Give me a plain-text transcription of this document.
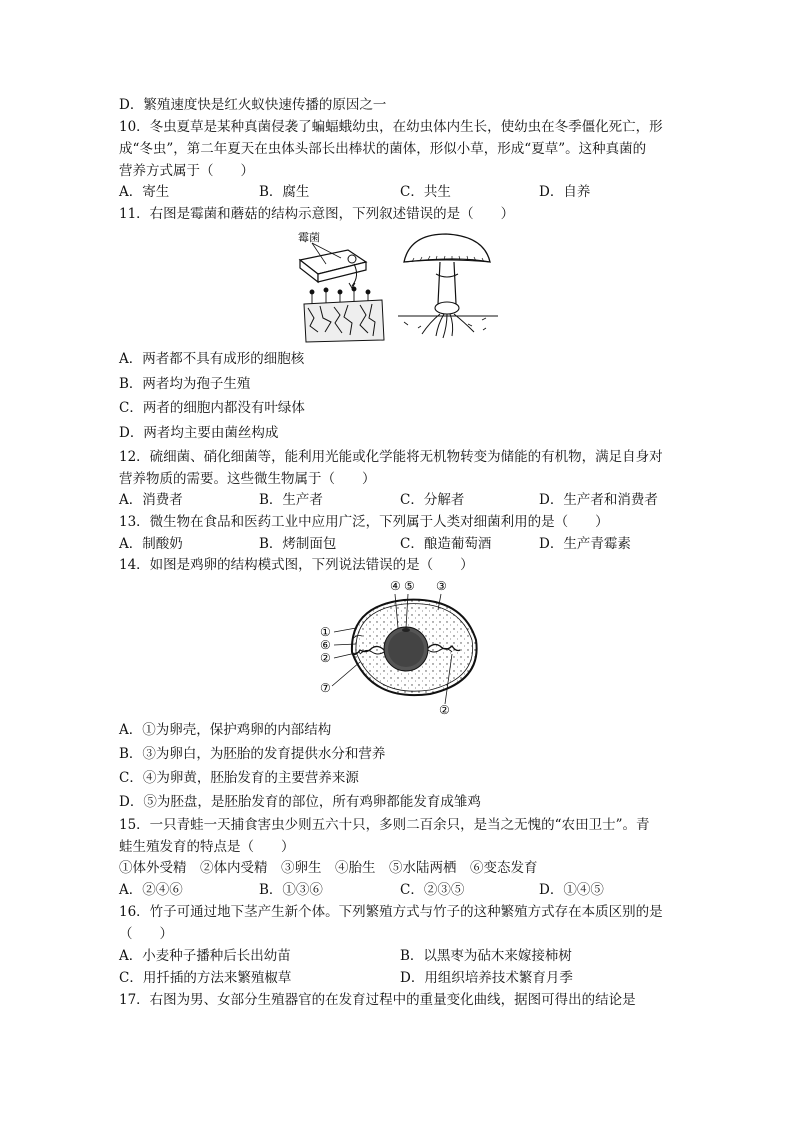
D．繁殖速度快是红火蚁快速传播的原因之一
10．冬虫夏草是某种真菌侵袭了蝙蝠蛾幼虫，在幼虫体内生长，使幼虫在冬季僵化死亡，形
成“冬虫”，第二年夏天在虫体头部长出棒状的菌体，形似小草，形成“夏草”。这种真菌的
营养方式属于（　　）
A．寄生	B．腐生	C．共生	D．自养
11．右图是霉菌和蘑菇的结构示意图，下列叙述错误的是（　　）
霉菌
A．两者都不具有成形的细胞核
B．两者均为孢子生殖
C．两者的细胞内都没有叶绿体
D．两者均主要由菌丝构成
12．硫细菌、硝化细菌等，能利用光能或化学能将无机物转变为储能的有机物，满足自身对
营养物质的需要。这些微生物属于（　　）
A．消费者	B．生产者	C．分解者	D．生产者和消费者
13．微生物在食品和医药工业中应用广泛，下列属于人类对细菌利用的是（　　）
A．制酸奶	B．烤制面包	C．酿造葡萄酒	D．生产青霉素
14．如图是鸡卵的结构模式图，下列说法错误的是（　　）
④ ⑤ ③
①
⑥
②
⑦
②
A．①为卵壳，保护鸡卵的内部结构
B．③为卵白，为胚胎的发育提供水分和营养
C．④为卵黄，胚胎发育的主要营养来源
D．⑤为胚盘，是胚胎发育的部位，所有鸡卵都能发育成雏鸡
15．一只青蛙一天捕食害虫少则五六十只，多则二百余只，是当之无愧的“农田卫士”。青
蛙生殖发育的特点是（　　）
①体外受精　②体内受精　③卵生　④胎生　⑤水陆两栖　⑥变态发育
A．②④⑥	B．①③⑥	C．②③⑤	D．①④⑤
16．竹子可通过地下茎产生新个体。下列繁殖方式与竹子的这种繁殖方式存在本质区别的是
（　　）
A．小麦种子播种后长出幼苗	B．以黑枣为砧木来嫁接柿树
C．用扦插的方法来繁殖椒草	D．用组织培养技术繁育月季
17．右图为男、女部分生殖器官的在发育过程中的重量变化曲线，据图可得出的结论是
